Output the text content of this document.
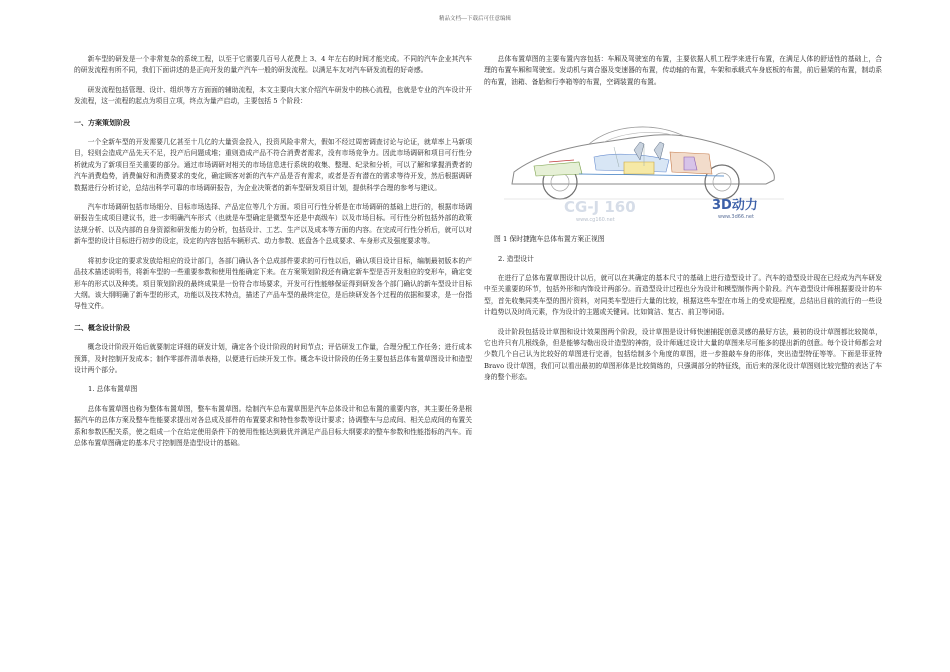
精品文档---下载后可任意编辑

新车型的研发是一个非常复杂的系统工程，以至于它需要几百号人花费上 3、4 年左右的时间才能完成。不同的汽车企业其汽车的研发流程有所不同，我们下面讲述的是正向开发的量产汽车一般的研发流程。以满足车友对汽车研发流程的好奇感。

研发流程包括管理、设计、组织等方方面面的辅助流程，本文主要向大家介绍汽车研发中的核心流程，也就是专业的汽车设计开发流程，这一流程的起点为项目立项，终点为量产启动，主要包括 5 个阶段：

一、方案策划阶段

一个全新车型的开发需要几亿甚至十几亿的大量资金投入，投资风险非常大，假如不经过周密调查讨论与论证，就草率上马新项目，轻则会造成产品先天不足，投产后问题成堆；重则造成产品不符合消费者需求，没有市场竞争力。因此市场调研和项目可行性分析就成为了新项目至关重要的部分。通过市场调研对相关的市场信息进行系统的收集、整理、纪录和分析，可以了解和掌握消费者的汽车消费趋势，消费偏好和消费要求的变化，确定顾客对新的汽车产品是否有需求，或者是否有潜在的需求等待开发，然后根据调研数据进行分析讨论，总结出科学可靠的市场调研报告，为企业决策者的新车型研发项目计划，提供科学合理的参考与建议。

汽车市场调研包括市场细分、目标市场选择、产品定位等几个方面。项目可行性分析是在市场调研的基础上进行的，根据市场调研报告生成项目建议书，进一步明确汽车形式（也就是车型确定是微型车还是中高级车）以及市场目标。可行性分析包括外部的政策法规分析、以及内部的自身资源和研发能力的分析，包括设计、工艺、生产以及成本等方面的内容。在完成可行性分析后，就可以对新车型的设计目标进行初步的设定，设定的内容包括车辆形式、动力参数、底盘各个总成要求、车身形式及强度要求等。

将初步设定的要求发放给相应的设计部门，各部门确认各个总成部件要求的可行性以后，确认项目设计目标，编制最初版本的产品技术描述说明书，将新车型的一些重要参数和使用性能确定下来。在方案策划阶段还有确定新车型是否开发相应的变形车，确定变形车的形式以及种类。项目策划阶段的最终成果是一份符合市场要求，开发可行性能够保证得到研发各个部门确认的新车型设计目标大纲。该大纲明确了新车型的形式，功能以及技术特点，描述了产品车型的最终定位，是后续研发各个过程的依据和要求，是一份指导性文件。

二、概念设计阶段

概念设计阶段开始后就要制定详细的研发计划，确定各个设计阶段的时间节点；评估研发工作量，合理分配工作任务；进行成本预算，及时控制开发成本；制作零部件清单表格，以便进行后续开发工作。概念车设计阶段的任务主要包括总体布置草图设计和造型设计两个部分。

1. 总体布置草图

总体布置草图也称为整体布置草图，整车布置草图。绘制汽车总布置草图是汽车总体设计和总布置的重要内容，其主要任务是根据汽车的总体方案及整车性能要求提出对各总成及部件的布置要求和特性参数等设计要求；协调整车与总成间、相关总成间的布置关系和参数匹配关系，使之组成一个在给定使用条件下的使用性能达到最优并满足产品目标大纲要求的整车参数和性能指标的汽车。而总体布置草图确定的基本尺寸控制图是造型设计的基础。

总体布置草图的主要布置内容包括：车厢及驾驶室的布置，主要依据人机工程学来进行布置，在满足人体的舒适性的基础上，合理的布置车厢和驾驶室。发动机与离合器及变速器的布置，传动轴的布置，车架和承载式车身底板的布置，前后悬架的布置，制动系的布置，油箱、备胎和行李箱等的布置，空调装置的布置。

CG-J 160
www.cg160.net
3D动力
www.3d66.net

图 1 保时捷跑车总体布置方案正视图

2. 造型设计

在进行了总体布置草图设计以后，就可以在其确定的基本尺寸的基础上进行造型设计了。汽车的造型设计现在已经成为汽车研发中至关重要的环节，包括外形和内饰设计两部分。而造型设计过程也分为设计和模型制作两个阶段。汽车造型设计师根据要设计的车型，首先收集同类车型的图片资料，对同类车型进行大量的比较，根据这些车型在市场上的受欢迎程度，总结出目前的流行的一些设计趋势以及时尚元素，作为设计的主题或关键词。比如简洁、复古、前卫等词语。

设计阶段包括设计草图和设计效果图两个阶段，设计草图是设计师快速捕捉创意灵感的最好方法，最初的设计草图都比较简单，它也许只有几根线条，但是能够勾勒出设计造型的神韵，设计师通过设计大量的草图来尽可能多的提出新的创意。每个设计师都会对少数几个自己认为比较好的草图进行完善，包括绘制多个角度的草图，进一步推敲车身的形体，突出造型特征等等。下面是菲亚特 Bravo 设计草图，我们可以看出最初的草图形体是比较简练的，只强调部分的特征线，而后来的深化设计草图则比较完整的表达了车身的整个形态。
